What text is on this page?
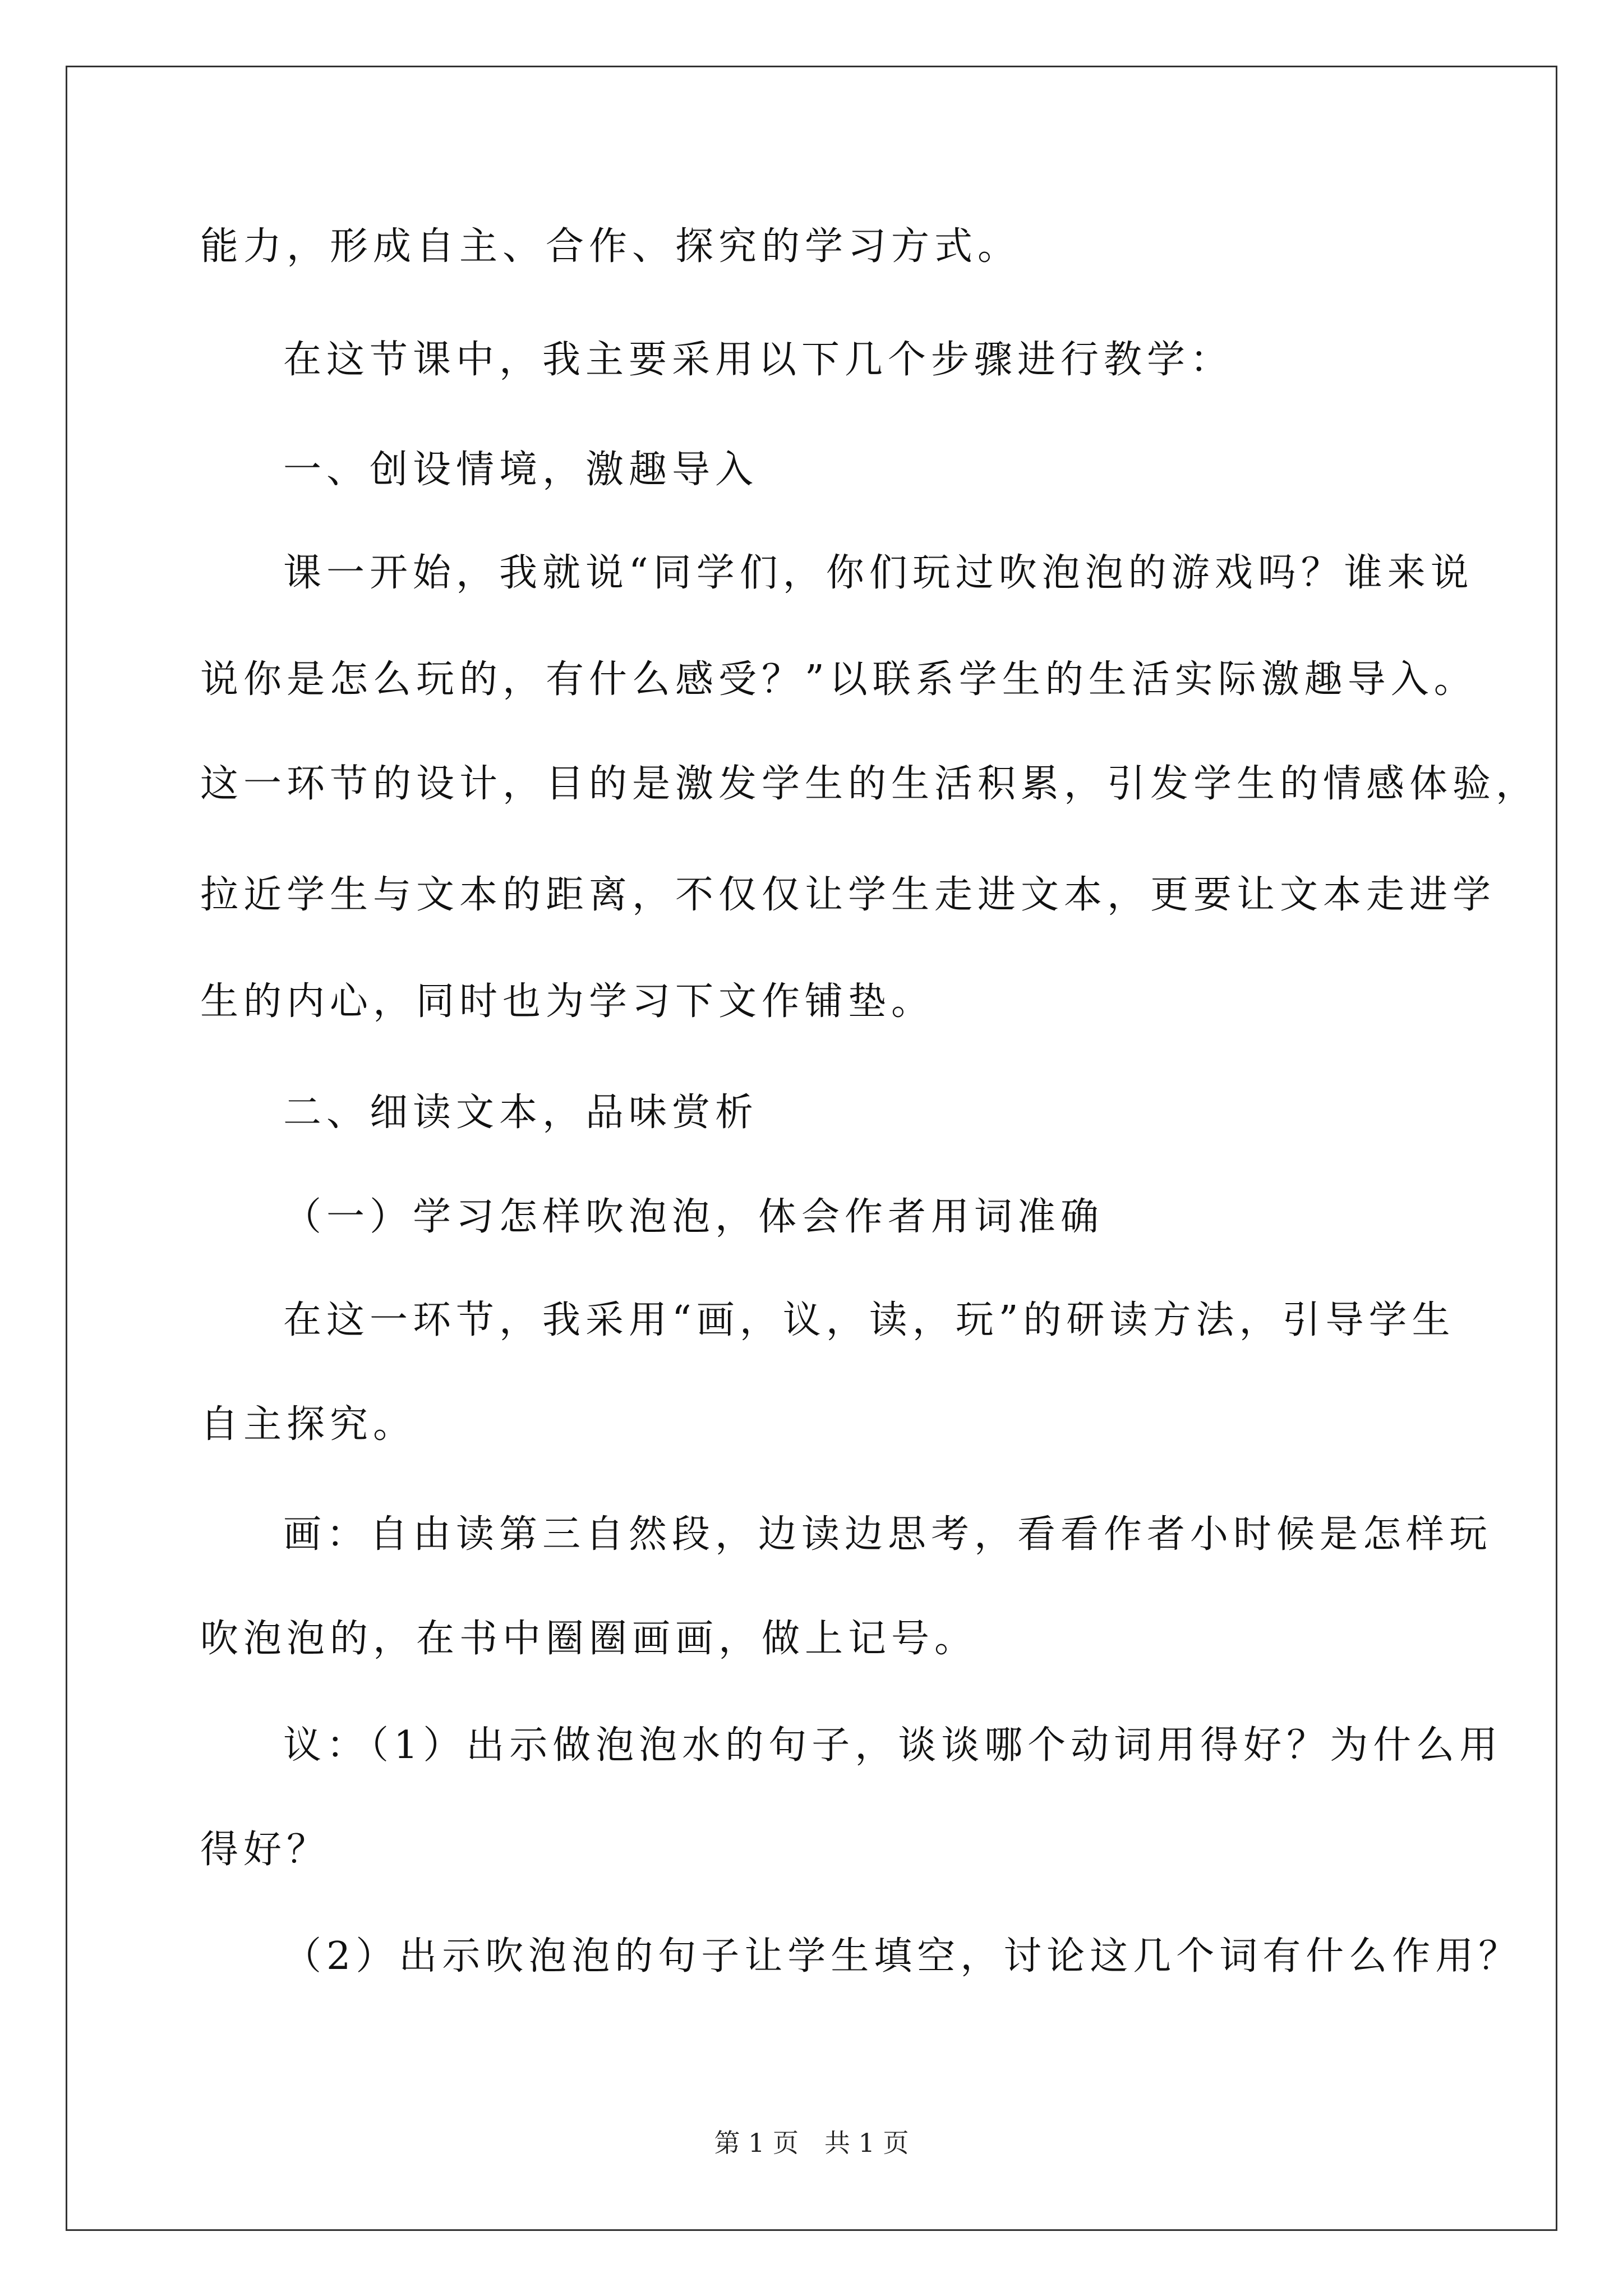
能力，形成自主、合作、探究的学习方式。
在这节课中，我主要采用以下几个步骤进行教学：
一、创设情境，激趣导入
课一开始，我就说“同学们，你们玩过吹泡泡的游戏吗？谁来说
说你是怎么玩的，有什么感受？”以联系学生的生活实际激趣导入。
这一环节的设计，目的是激发学生的生活积累，引发学生的情感体验，
拉近学生与文本的距离，不仅仅让学生走进文本，更要让文本走进学
生的内心，同时也为学习下文作铺垫。
二、细读文本，品味赏析
（一）学习怎样吹泡泡，体会作者用词准确
在这一环节，我采用“画，议，读，玩”的研读方法，引导学生
自主探究。
画：自由读第三自然段，边读边思考，看看作者小时候是怎样玩
吹泡泡的，在书中圈圈画画，做上记号。
议：（1）出示做泡泡水的句子，谈谈哪个动词用得好？为什么用
得好？
（2）出示吹泡泡的句子让学生填空，讨论这几个词有什么作用？
第 1 页　共 1 页
